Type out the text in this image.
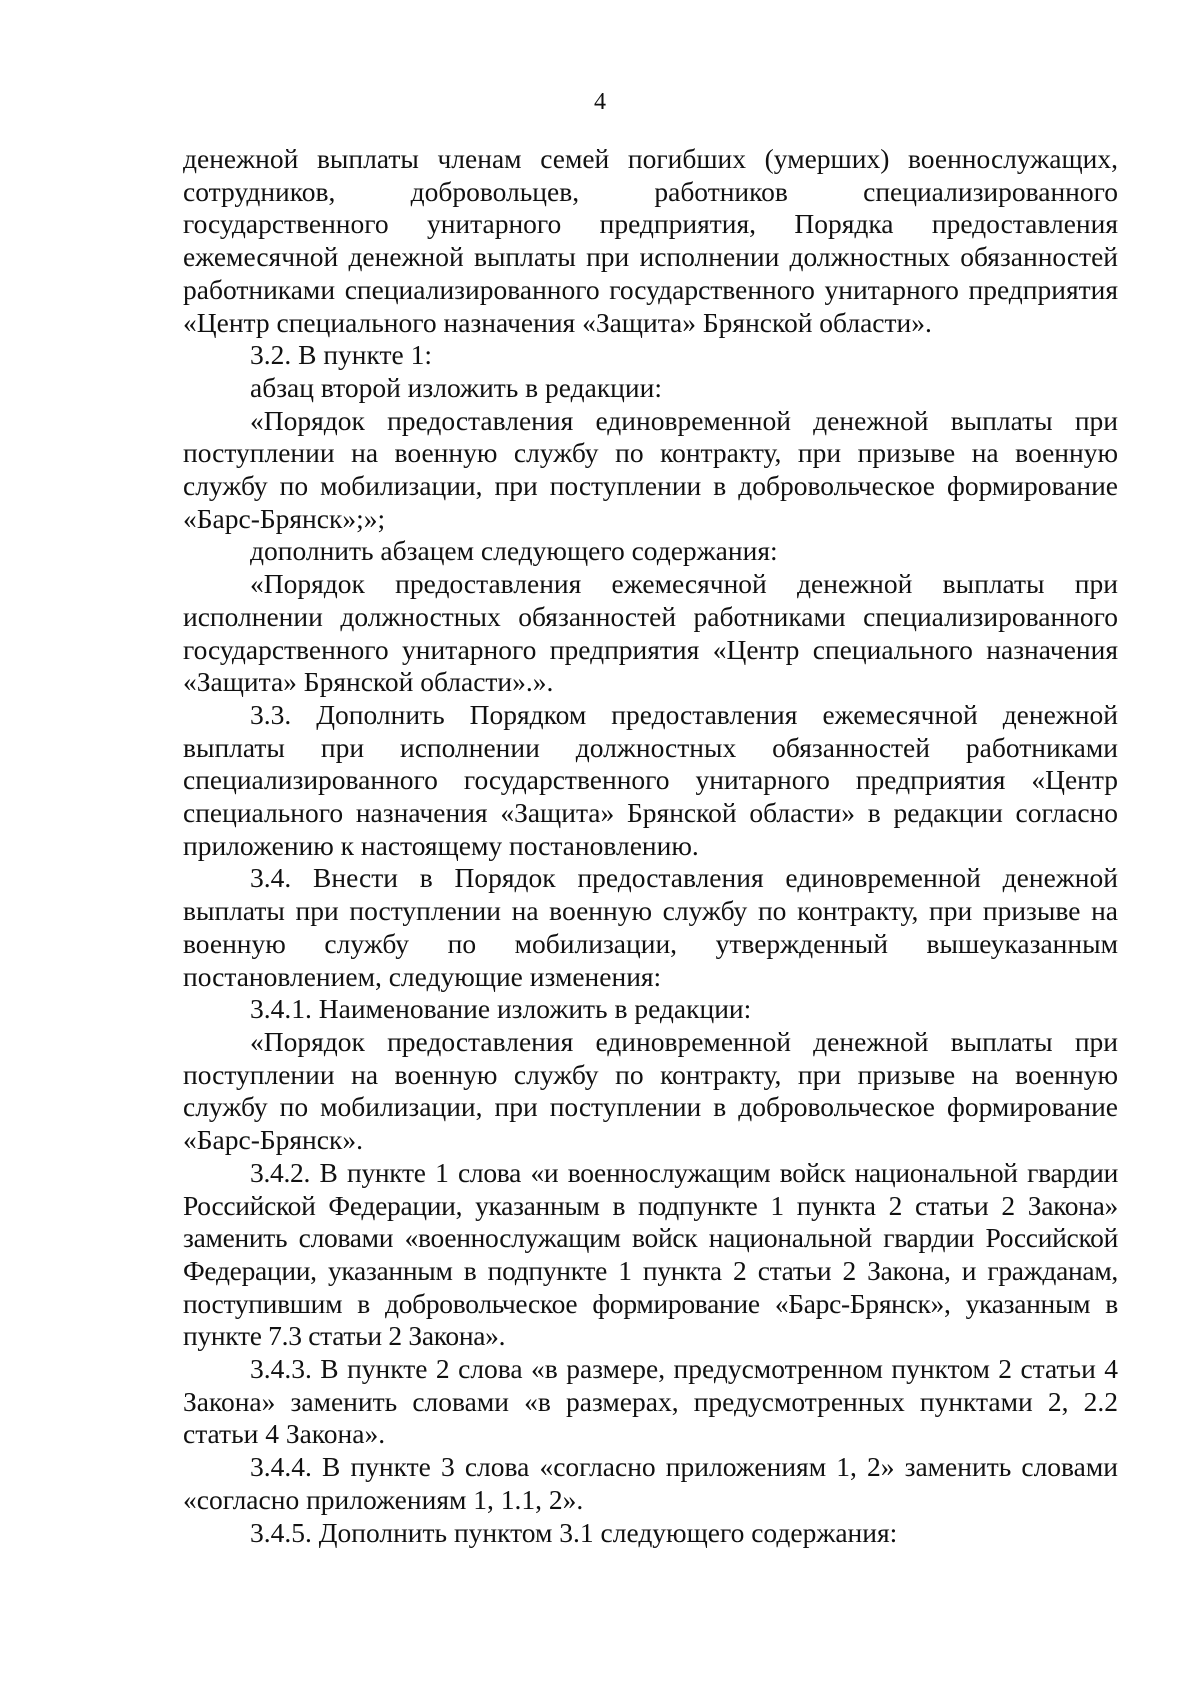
4

денежной выплаты членам семей погибших (умерших) военнослужащих, сотрудников, добровольцев, работников специализированного государственного унитарного предприятия, Порядка предоставления ежемесячной денежной выплаты при исполнении должностных обязанностей работниками специализированного государственного унитарного предприятия «Центр специального назначения «Защита» Брянской области».

3.2. В пункте 1:

абзац второй изложить в редакции:

«Порядок предоставления единовременной денежной выплаты при поступлении на военную службу по контракту, при призыве на военную службу по мобилизации, при поступлении в добровольческое формирование «Барс-Брянск»;»;

дополнить абзацем следующего содержания:

«Порядок предоставления ежемесячной денежной выплаты при исполнении должностных обязанностей работниками специализированного государственного унитарного предприятия «Центр специального назначения «Защита» Брянской области».».

3.3. Дополнить Порядком предоставления ежемесячной денежной выплаты при исполнении должностных обязанностей работниками специализированного государственного унитарного предприятия «Центр специального назначения «Защита» Брянской области» в редакции согласно приложению к настоящему постановлению.

3.4. Внести в Порядок предоставления единовременной денежной выплаты при поступлении на военную службу по контракту, при призыве на военную службу по мобилизации, утвержденный вышеуказанным постановлением, следующие изменения:

3.4.1. Наименование изложить в редакции:

«Порядок предоставления единовременной денежной выплаты при поступлении на военную службу по контракту, при призыве на военную службу по мобилизации, при поступлении в добровольческое формирование «Барс-Брянск».

3.4.2. В пункте 1 слова «и военнослужащим войск национальной гвардии Российской Федерации, указанным в подпункте 1 пункта 2 статьи 2 Закона» заменить словами «военнослужащим войск национальной гвардии Российской Федерации, указанным в подпункте 1 пункта 2 статьи 2 Закона, и гражданам, поступившим в добровольческое формирование «Барс-Брянск», указанным в пункте 7.3 статьи 2 Закона».

3.4.3. В пункте 2 слова «в размере, предусмотренном пунктом 2 статьи 4 Закона» заменить словами «в размерах, предусмотренных пунктами 2, 2.2 статьи 4 Закона».

3.4.4. В пункте 3 слова «согласно приложениям 1, 2» заменить словами «согласно приложениям 1, 1.1, 2».

3.4.5. Дополнить пунктом 3.1 следующего содержания:
